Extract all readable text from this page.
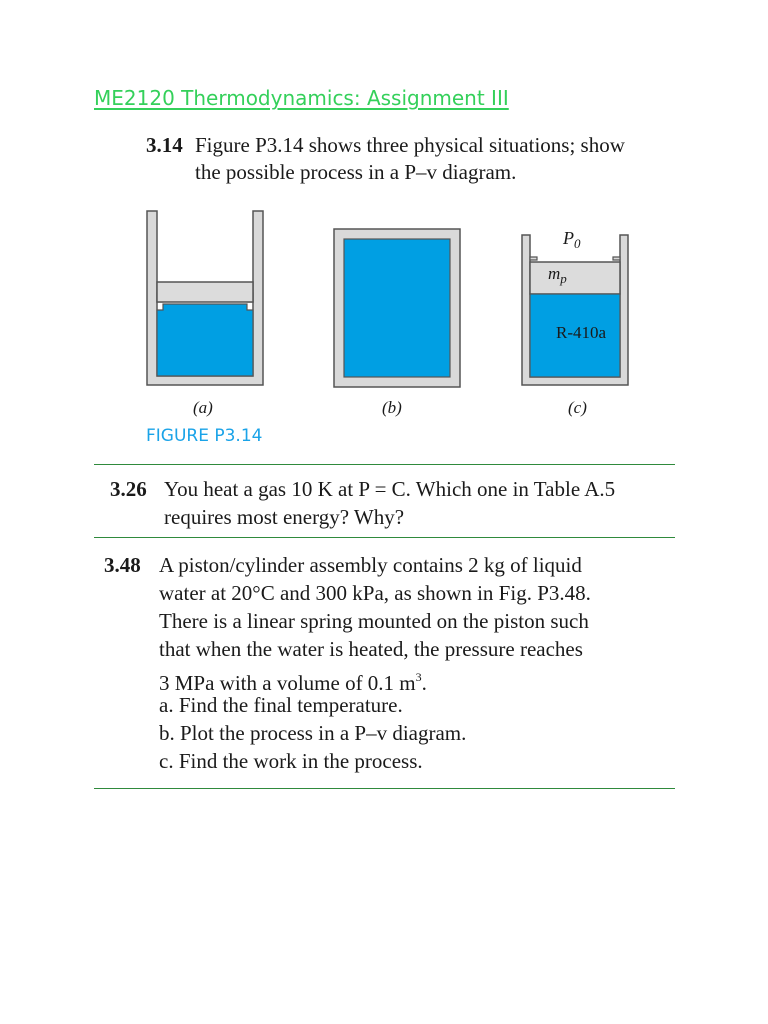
ME2120 Thermodynamics: Assignment III
3.14 Figure P3.14 shows three physical situations; show
the possible process in a P–v diagram.
$P_0$
$m_p$
R-410a
(a)	(b)	(c)
FIGURE P3.14
3.26 You heat a gas 10 K at P = C. Which one in Table A.5
requires most energy? Why?
3.48 A piston/cylinder assembly contains 2 kg of liquid
water at 20°C and 300 kPa, as shown in Fig. P3.48.
There is a linear spring mounted on the piston such
that when the water is heated, the pressure reaches
3 MPa with a volume of 0.1 $m^3$.
a. Find the final temperature.
b. Plot the process in a P–v diagram.
c. Find the work in the process.
